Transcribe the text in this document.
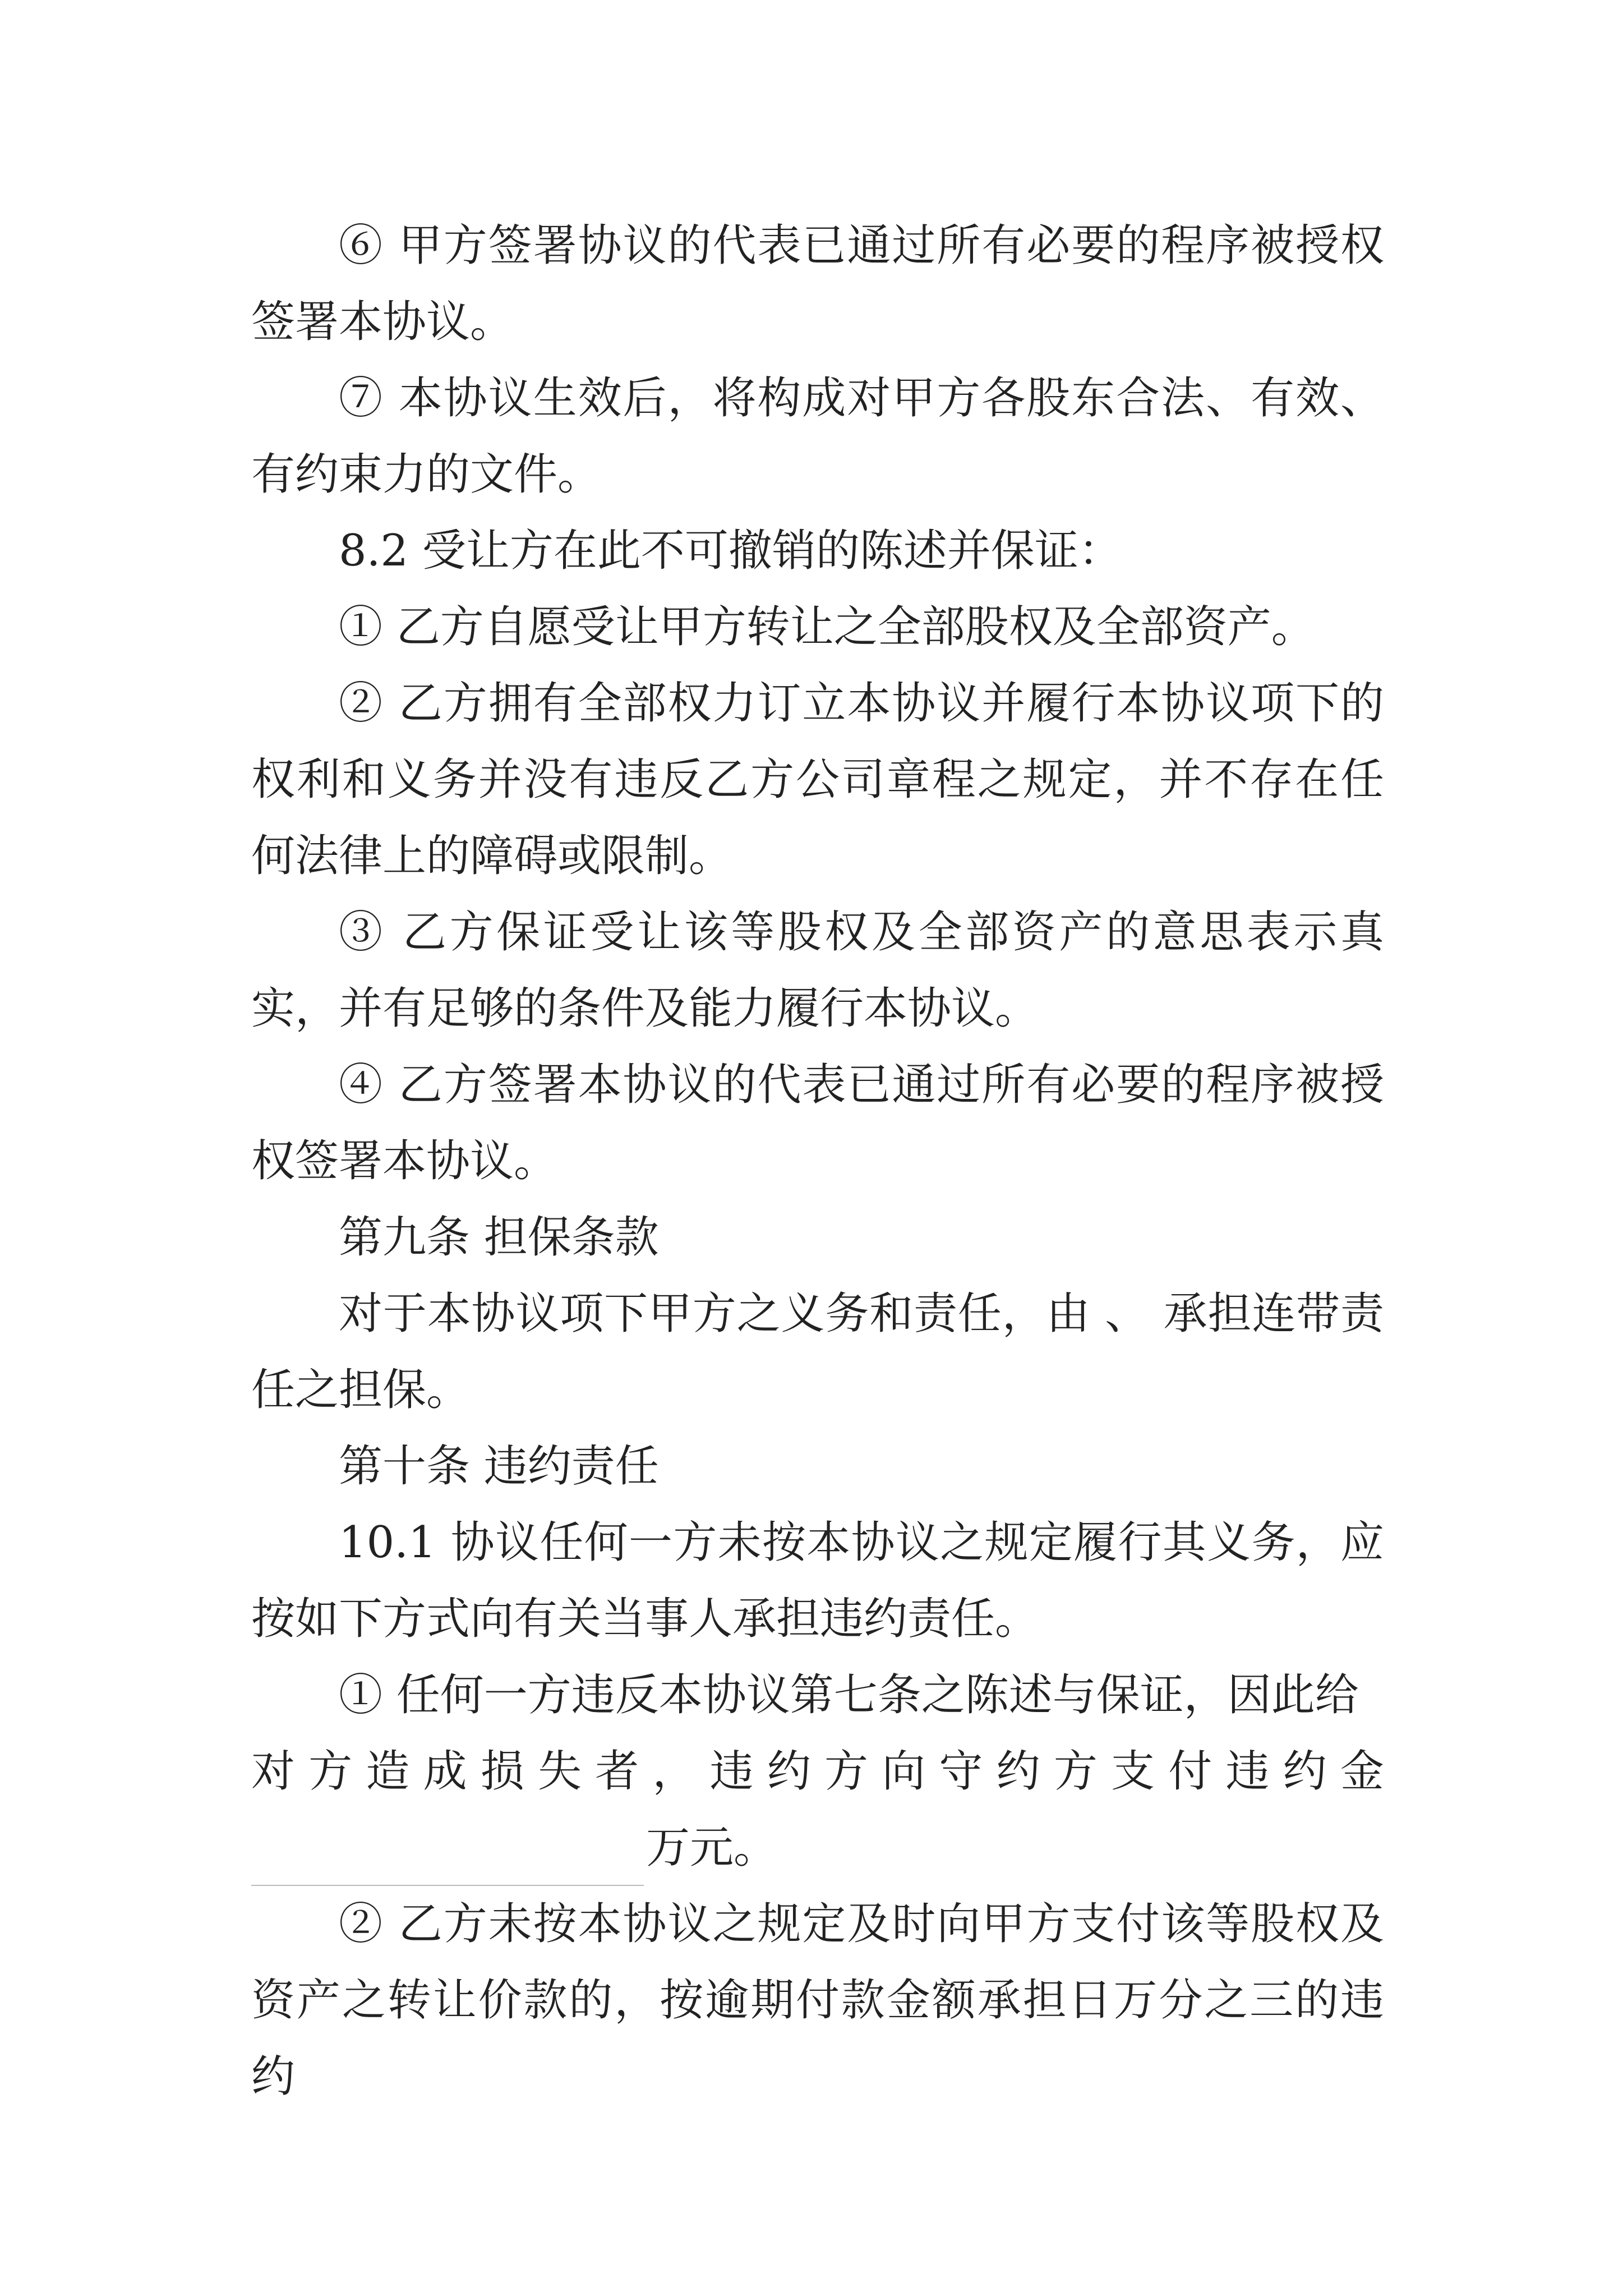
⑥ 甲方签署协议的代表已通过所有必要的程序被授权签署本协议。

⑦ 本协议生效后，将构成对甲方各股东合法、有效、有约束力的文件。

8.2 受让方在此不可撤销的陈述并保证：

① 乙方自愿受让甲方转让之全部股权及全部资产。

② 乙方拥有全部权力订立本协议并履行本协议项下的权利和义务并没有违反乙方公司章程之规定，并不存在任何法律上的障碍或限制。

③ 乙方保证受让该等股权及全部资产的意思表示真实，并有足够的条件及能力履行本协议。

④ 乙方签署本协议的代表已通过所有必要的程序被授权签署本协议。

第九条 担保条款

对于本协议项下甲方之义务和责任，由 、 承担连带责任之担保。

第十条 违约责任

10.1 协议任何一方未按本协议之规定履行其义务，应按如下方式向有关当事人承担违约责任。

① 任何一方违反本协议第七条之陈述与保证，因此给

对 方 造 成 损 失 者 ， 违 约 方 向 守 约 方 支 付 违 约 金
万元。

② 乙方未按本协议之规定及时向甲方支付该等股权及资产之转让价款的，按逾期付款金额承担日万分之三的违约
